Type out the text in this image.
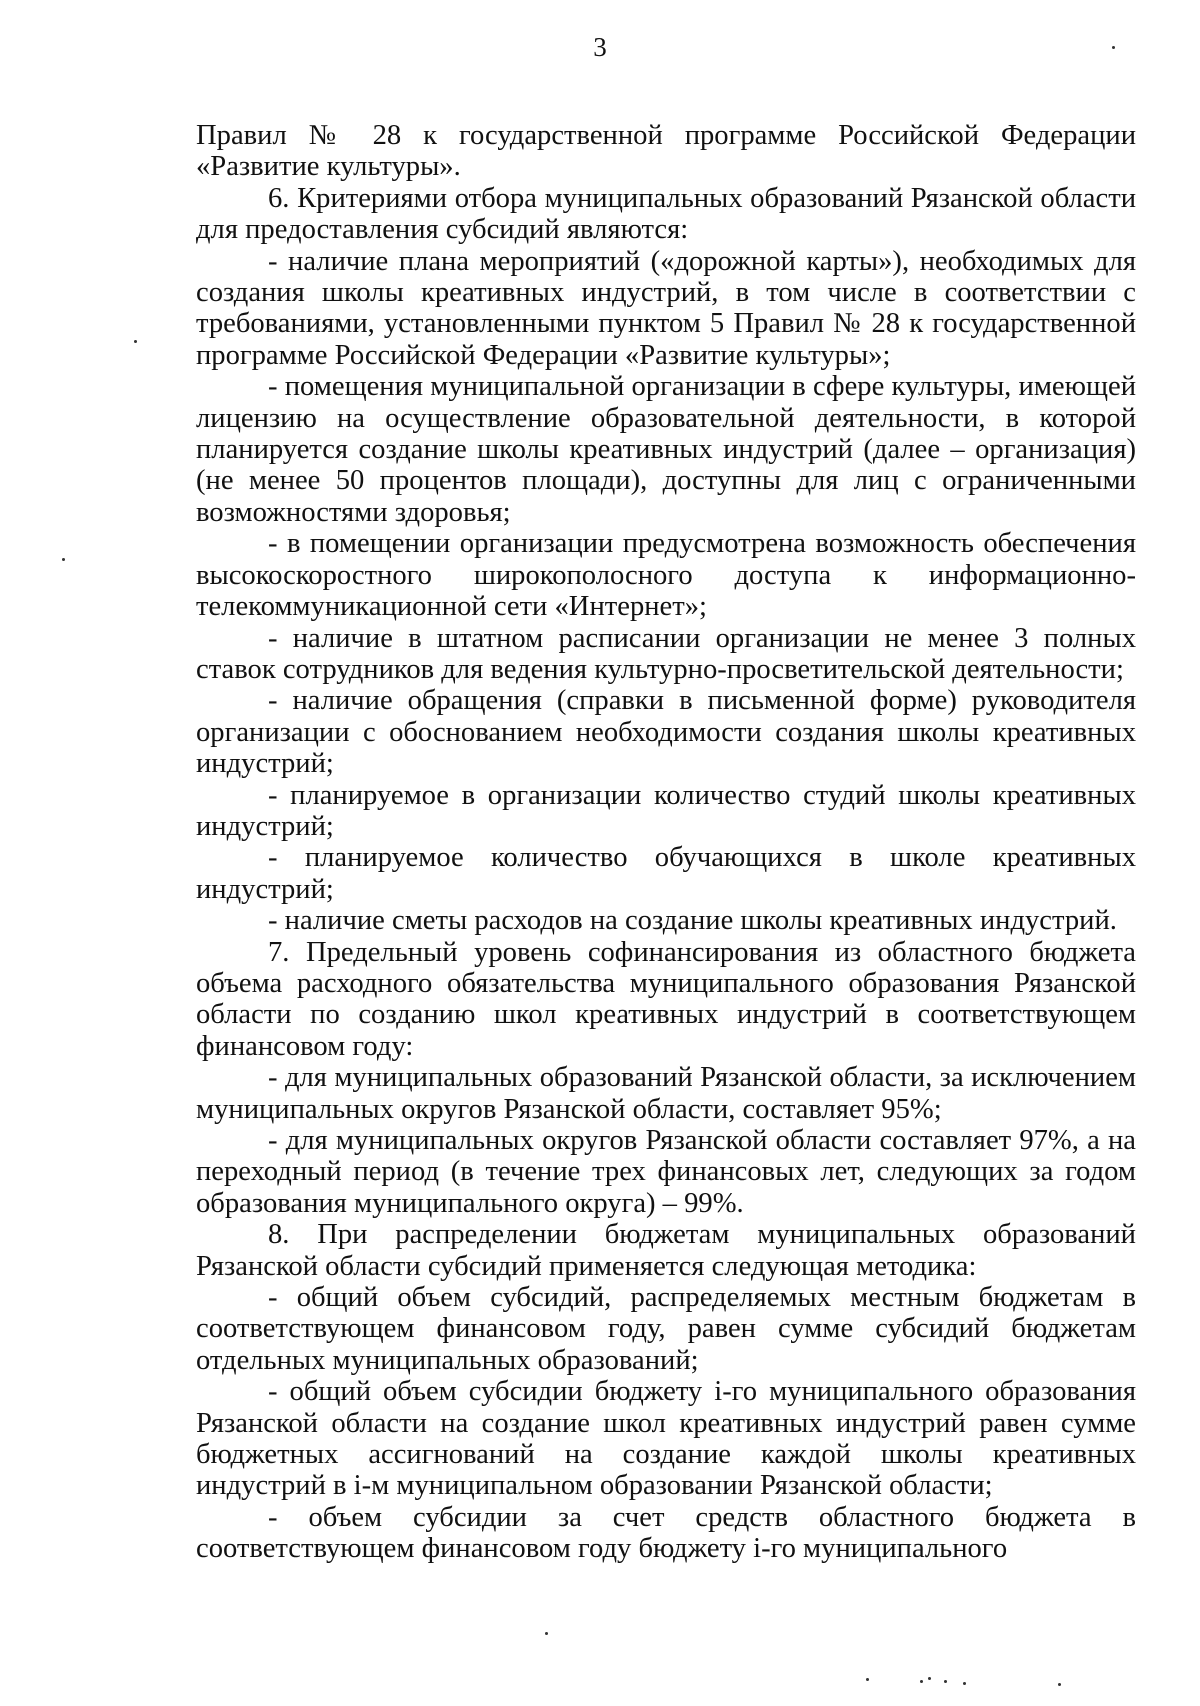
3

Правил № 28 к государственной программе Российской Федерации «Развитие культуры».

6. Критериями отбора муниципальных образований Рязанской области для предоставления субсидий являются:

- наличие плана мероприятий («дорожной карты»), необходимых для создания школы креативных индустрий, в том числе в соответствии с требованиями, установленными пунктом 5 Правил № 28 к государственной программе Российской Федерации «Развитие культуры»;

- помещения муниципальной организации в сфере культуры, имеющей лицензию на осуществление образовательной деятельности, в которой планируется создание школы креативных индустрий (далее – организация) (не менее 50 процентов площади), доступны для лиц с ограниченными возможностями здоровья;

- в помещении организации предусмотрена возможность обеспечения высокоскоростного широкополосного доступа к информационно-телекоммуникационной сети «Интернет»;

- наличие в штатном расписании организации не менее 3 полных ставок сотрудников для ведения культурно-просветительской деятельности;

- наличие обращения (справки в письменной форме) руководителя организации с обоснованием необходимости создания школы креативных индустрий;

- планируемое в организации количество студий школы креативных индустрий;

- планируемое количество обучающихся в школе креативных индустрий;

- наличие сметы расходов на создание школы креативных индустрий.

7. Предельный уровень софинансирования из областного бюджета объема расходного обязательства муниципального образования Рязанской области по созданию школ креативных индустрий в соответствующем финансовом году:

- для муниципальных образований Рязанской области, за исключением муниципальных округов Рязанской области, составляет 95%;

- для муниципальных округов Рязанской области составляет 97%, а на переходный период (в течение трех финансовых лет, следующих за годом образования муниципального округа) – 99%.

8. При распределении бюджетам муниципальных образований Рязанской области субсидий применяется следующая методика:

- общий объем субсидий, распределяемых местным бюджетам в соответствующем финансовом году, равен сумме субсидий бюджетам отдельных муниципальных образований;

- общий объем субсидии бюджету i-го муниципального образования Рязанской области на создание школ креативных индустрий равен сумме бюджетных ассигнований на создание каждой школы креативных индустрий в i-м муниципальном образовании Рязанской области;

- объем субсидии за счет средств областного бюджета в соответствующем финансовом году бюджету i-го муниципального
